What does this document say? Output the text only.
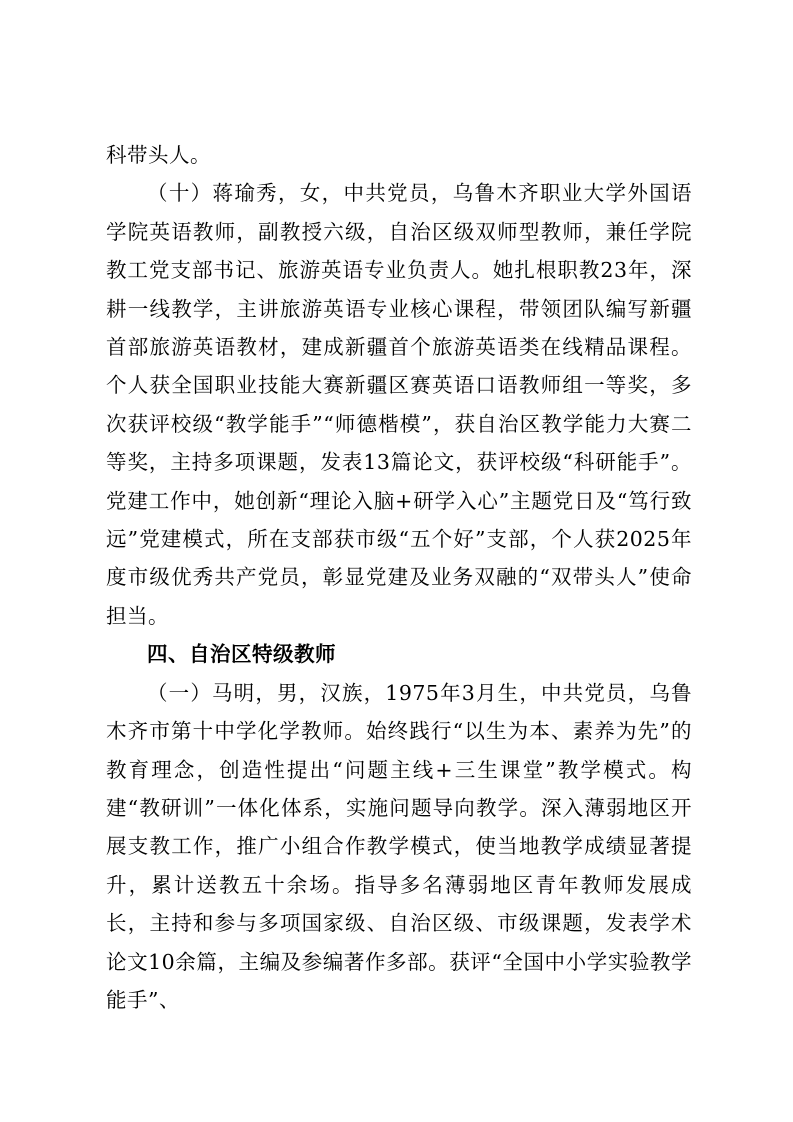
科带头人。

（十）蒋瑜秀，女，中共党员，乌鲁木齐职业大学外国语学院英语教师，副教授六级，自治区级双师型教师，兼任学院教工党支部书记、旅游英语专业负责人。她扎根职教23年，深耕一线教学，主讲旅游英语专业核心课程，带领团队编写新疆首部旅游英语教材，建成新疆首个旅游英语类在线精品课程。个人获全国职业技能大赛新疆区赛英语口语教师组一等奖，多次获评校级“教学能手”“师德楷模”，获自治区教学能力大赛二等奖，主持多项课题，发表13篇论文，获评校级“科研能手”。党建工作中，她创新“理论入脑+研学入心”主题党日及“笃行致远”党建模式，所在支部获市级“五个好”支部，个人获2025年度市级优秀共产党员，彰显党建及业务双融的“双带头人”使命担当。

四、自治区特级教师

（一）马明，男，汉族，1975年3月生，中共党员，乌鲁木齐市第十中学化学教师。始终践行“以生为本、素养为先”的教育理念，创造性提出“问题主线+三生课堂”教学模式。构建“教研训”一体化体系，实施问题导向教学。深入薄弱地区开展支教工作，推广小组合作教学模式，使当地教学成绩显著提升，累计送教五十余场。指导多名薄弱地区青年教师发展成长，主持和参与多项国家级、自治区级、市级课题，发表学术论文10余篇，主编及参编著作多部。获评“全国中小学实验教学能手”、
